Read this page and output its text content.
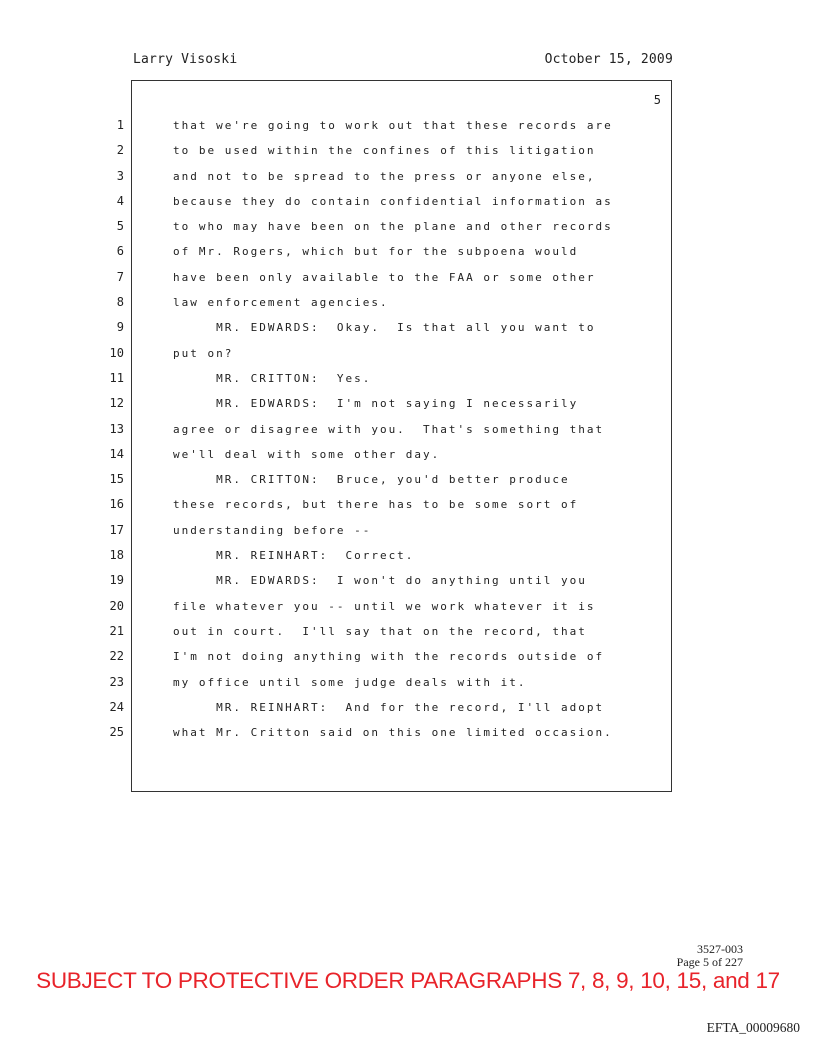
Larry Visoski	October 15, 2009
5
1
2
3
4
5
6
7
8
9
10
11
12
13
14
15
16
17
18
19
20
21
22
23
24
25
that we're going to work out that these records are
to be used within the confines of this litigation
and not to be spread to the press or anyone else,
because they do contain confidential information as
to who may have been on the plane and other records
of Mr. Rogers, which but for the subpoena would
have been only available to the FAA or some other
law enforcement agencies.
MR. EDWARDS:  Okay.  Is that all you want to
put on?
MR. CRITTON:  Yes.
MR. EDWARDS:  I'm not saying I necessarily
agree or disagree with you.  That's something that
we'll deal with some other day.
MR. CRITTON:  Bruce, you'd better produce
these records, but there has to be some sort of
understanding before --
MR. REINHART:  Correct.
MR. EDWARDS:  I won't do anything until you
file whatever you -- until we work whatever it is
out in court.  I'll say that on the record, that
I'm not doing anything with the records outside of
my office until some judge deals with it.
MR. REINHART:  And for the record, I'll adopt
what Mr. Critton said on this one limited occasion.
3527-003
Page 5 of 227
SUBJECT TO PROTECTIVE ORDER PARAGRAPHS 7, 8, 9, 10, 15, and 17
EFTA_00009680
